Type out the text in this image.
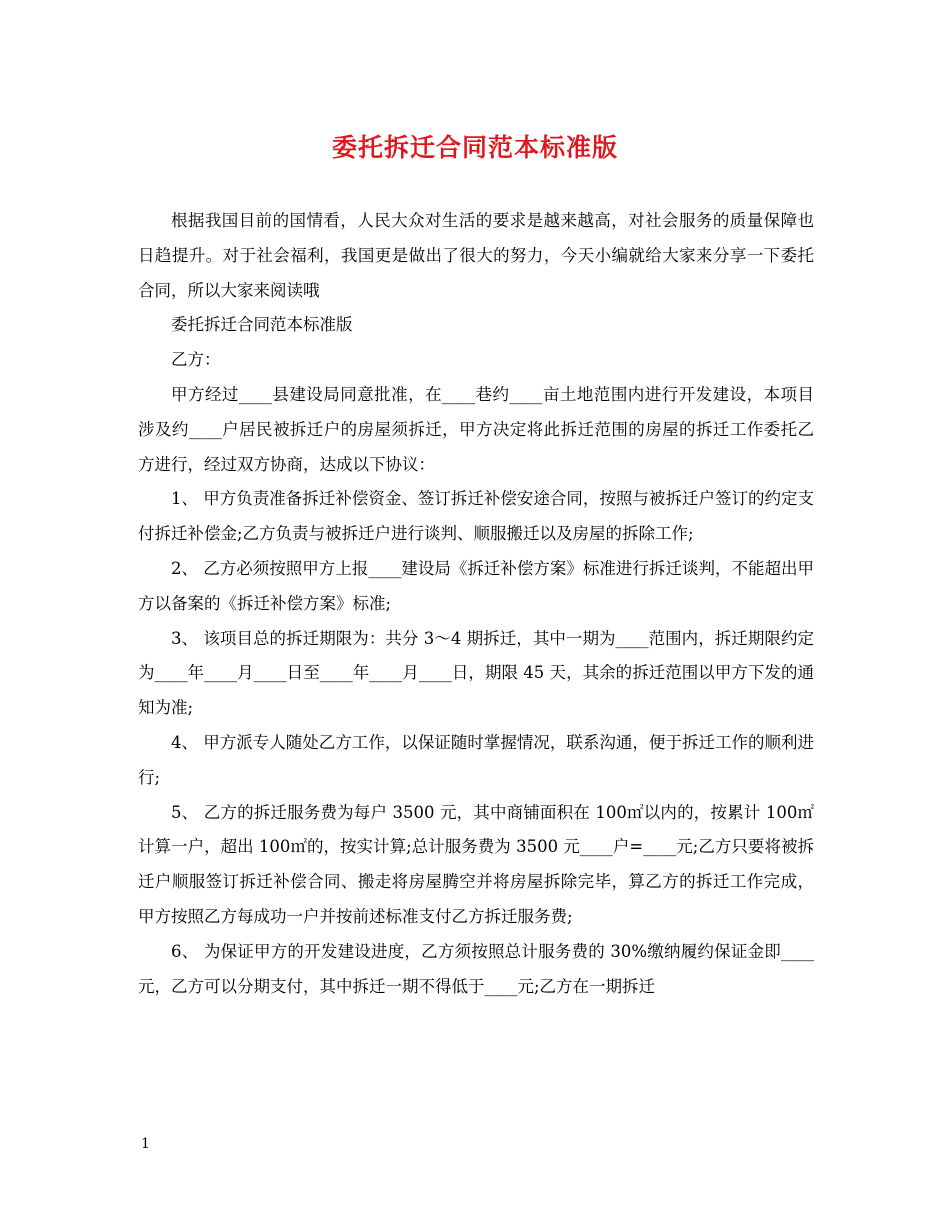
委托拆迁合同范本标准版

根据我国目前的国情看，人民大众对生活的要求是越来越高，对社会服务的质量保障也日趋提升。对于社会福利，我国更是做出了很大的努力，今天小编就给大家来分享一下委托合同，所以大家来阅读哦

委托拆迁合同范本标准版

乙方：

甲方经过____县建设局同意批准，在____巷约____亩土地范围内进行开发建设，本项目涉及约____户居民被拆迁户的房屋须拆迁，甲方决定将此拆迁范围的房屋的拆迁工作委托乙方进行，经过双方协商，达成以下协议：

1、 甲方负责准备拆迁补偿资金、签订拆迁补偿安途合同，按照与被拆迁户签订的约定支付拆迁补偿金;乙方负责与被拆迁户进行谈判、顺服搬迁以及房屋的拆除工作;

2、 乙方必须按照甲方上报____建设局《拆迁补偿方案》标准进行拆迁谈判，不能超出甲方以备案的《拆迁补偿方案》标准;

3、 该项目总的拆迁期限为：共分 3～4 期拆迁，其中一期为____范围内，拆迁期限约定为____年____月____日至____年____月____日，期限 45 天，其余的拆迁范围以甲方下发的通知为准;

4、 甲方派专人随处乙方工作，以保证随时掌握情况，联系沟通，便于拆迁工作的顺利进行;

5、 乙方的拆迁服务费为每户 3500 元，其中商铺面积在 100㎡以内的，按累计 100㎡计算一户，超出 100㎡的，按实计算;总计服务费为 3500 元____户=____元;乙方只要将被拆迁户顺服签订拆迁补偿合同、搬走将房屋腾空并将房屋拆除完毕，算乙方的拆迁工作完成，甲方按照乙方每成功一户并按前述标准支付乙方拆迁服务费;

6、 为保证甲方的开发建设进度，乙方须按照总计服务费的 30%缴纳履约保证金即____元，乙方可以分期支付，其中拆迁一期不得低于____元;乙方在一期拆迁

1
